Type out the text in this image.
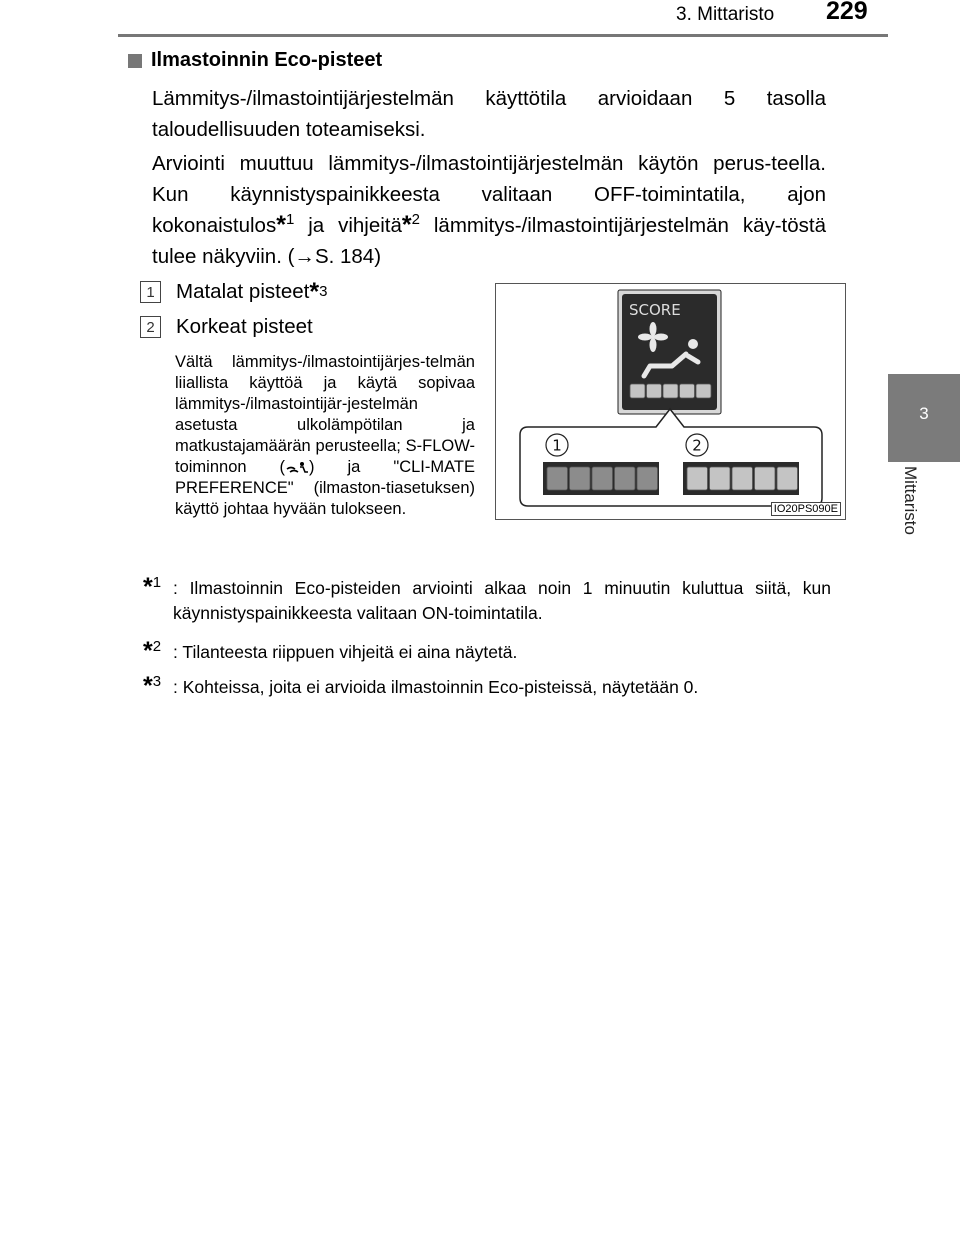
3. Mittaristo 229
3
Mittaristo
Ilmastoinnin Eco-pisteet
Lämmitys-/ilmastointijärjestelmän käyttötila arvioidaan 5 tasolla taloudellisuuden toteamiseksi.
Arviointi muuttuu lämmitys-/ilmastointijärjestelmän käytön perus-teella. Kun käynnistyspainikkeesta valitaan OFF-toimintatila, ajon kokonaistulos*$^1$ ja vihjeitä*$^2$ lämmitys-/ilmastointijärjestelmän käy-töstä tulee näkyviin. (→S. 184)
1	Matalat pisteet * 3
2	Korkeat pisteet
Vältä lämmitys-/ilmastointijärjes-telmän liiallista käyttöä ja käytä sopivaa lämmitys-/ilmastointijär-jestelmän asetusta ulkolämpötilan ja matkustajamäärän perusteella; S-FLOW-toiminnon ( ) ja "CLI-MATE PREFERENCE" (ilmaston-tiasetuksen) käyttö johtaa hyvään tulokseen.
SCORE
1	2
IO20PS090E
*$^1$ : Ilmastoinnin Eco-pisteiden arviointi alkaa noin 1 minuutin kuluttua siitä, kun käynnistyspainikkeesta valitaan ON-toimintatila.
*$^2$ : Tilanteesta riippuen vihjeitä ei aina näytetä.
*$^3$ : Kohteissa, joita ei arvioida ilmastoinnin Eco-pisteissä, näytetään 0.
